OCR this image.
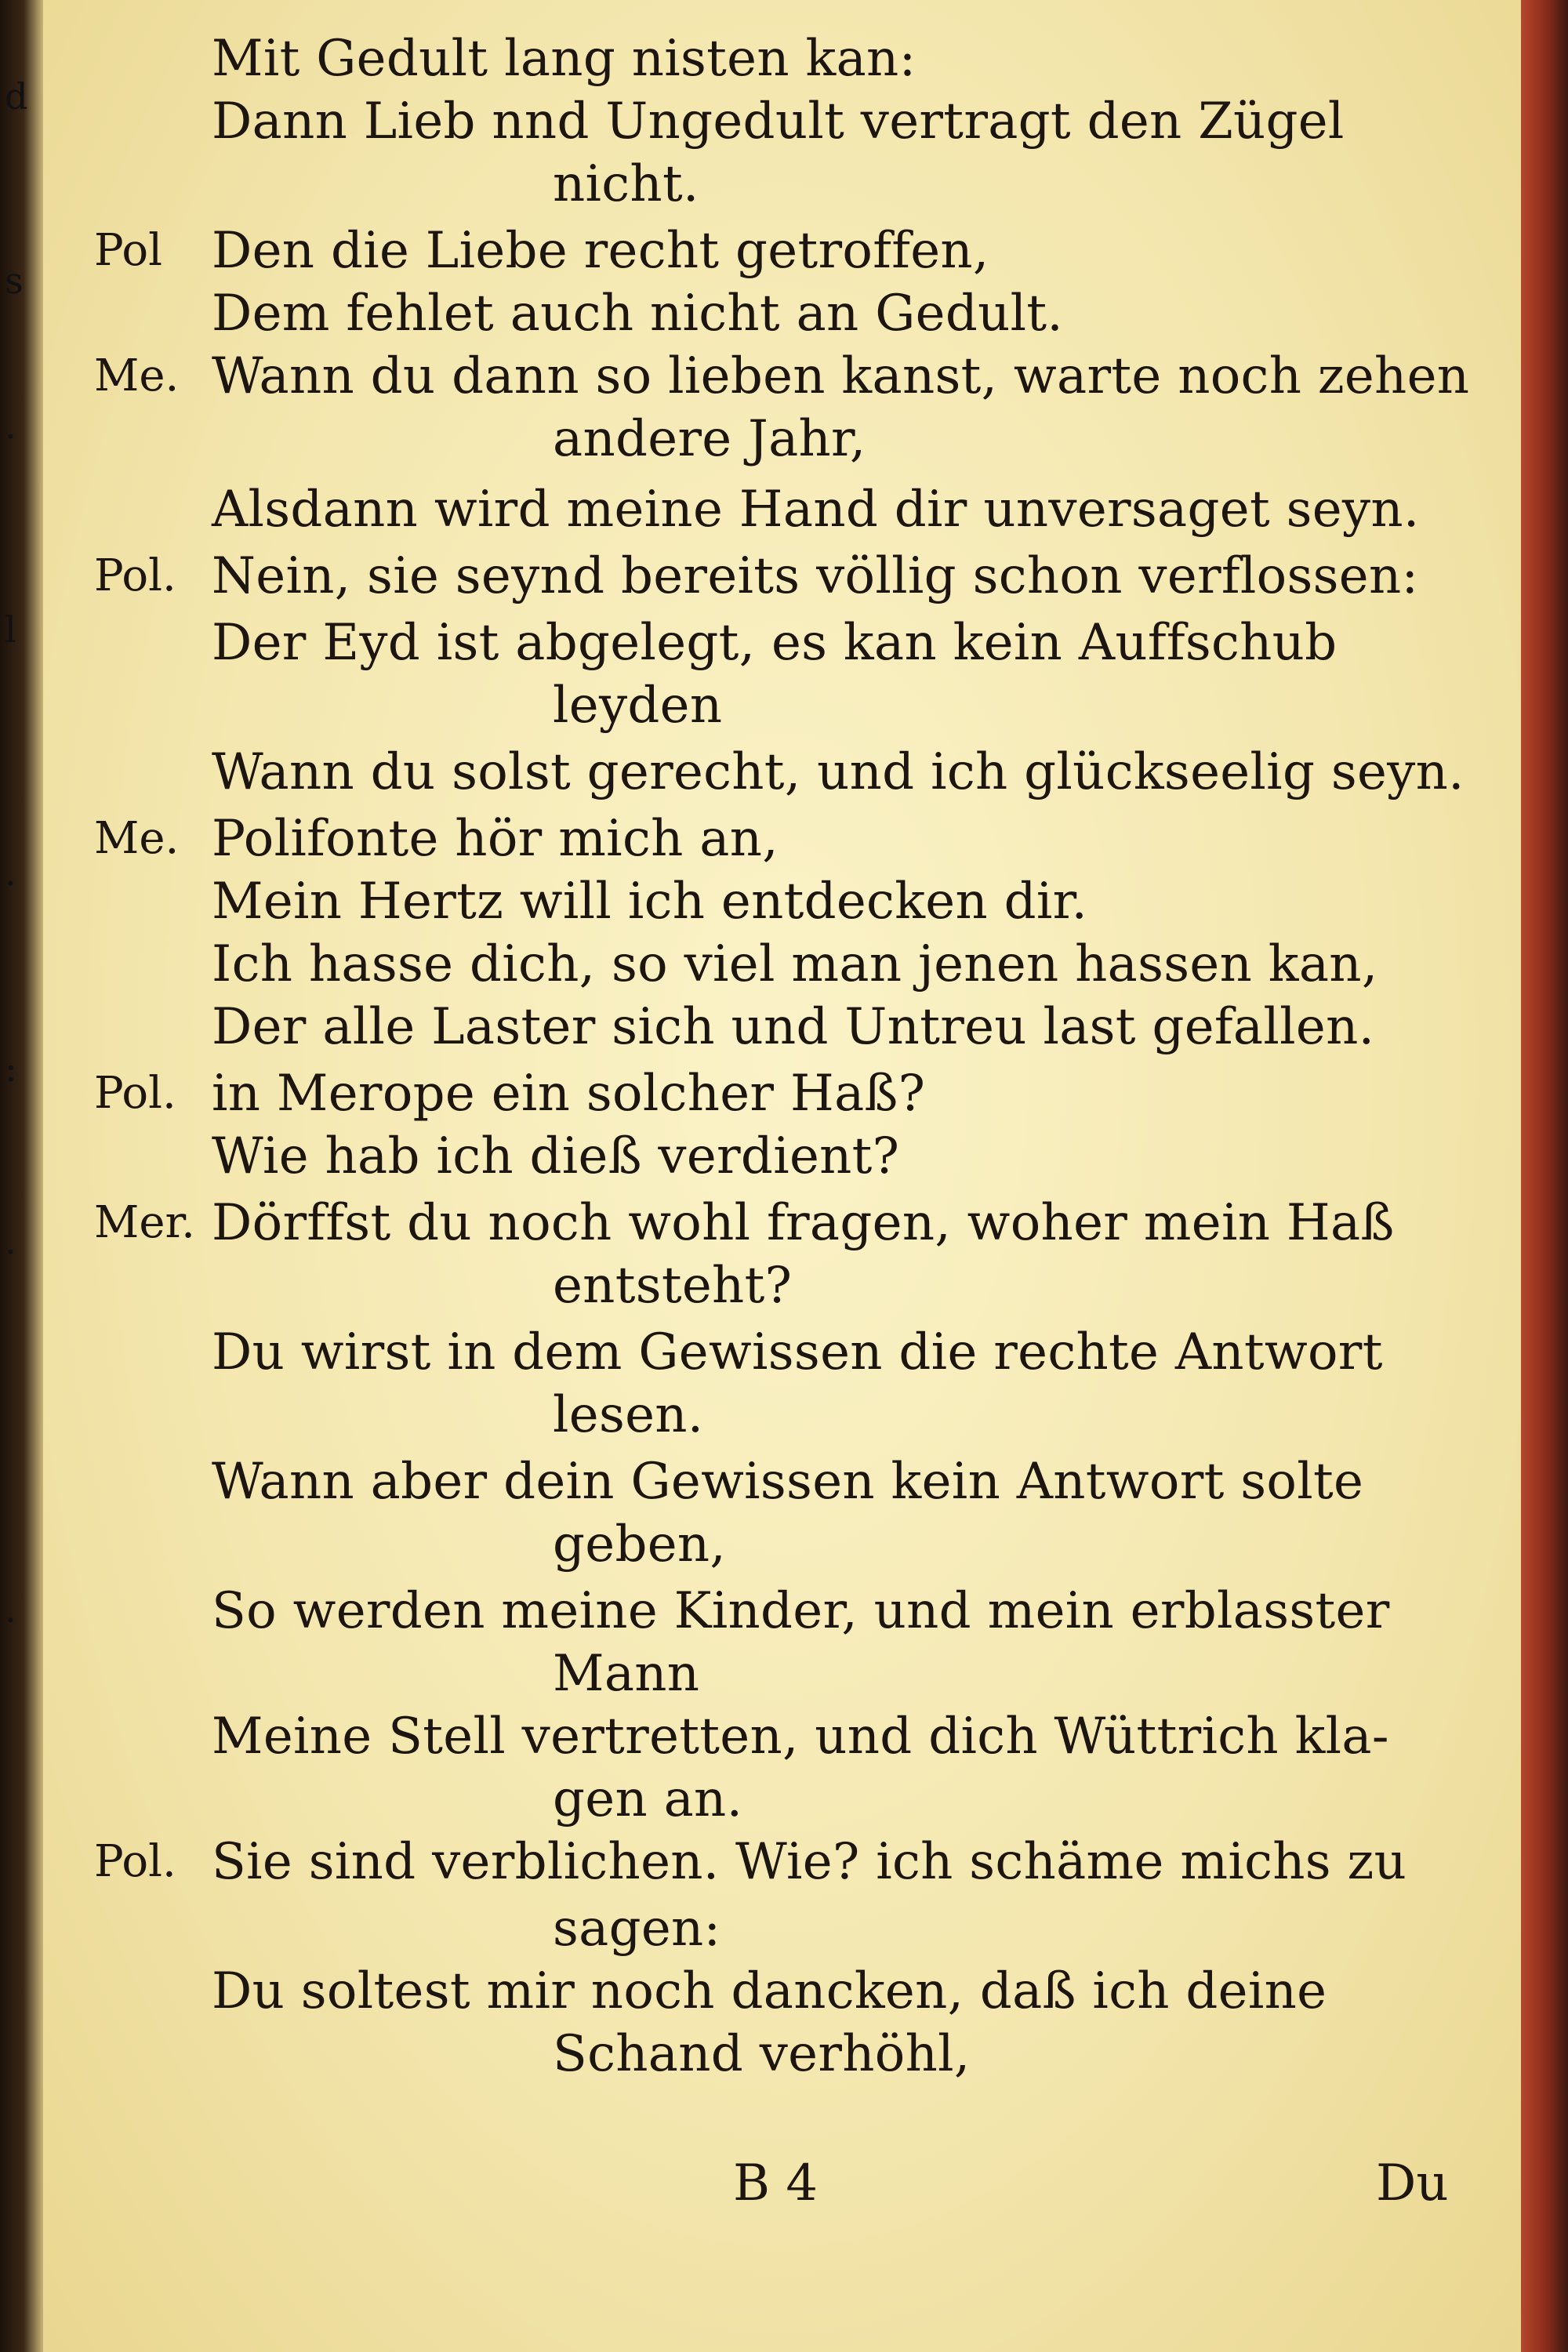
d
s
.
l
.
:
.
.
Pol
Me.
Pol.
Me.
Pol.
Mer.
Pol.
Mit Gedult lang nisten kan:
Dann Lieb nnd Ungedult vertragt den Zügel
nicht.
Den die Liebe recht getroffen,
Dem fehlet auch nicht an Gedult.
Wann du dann so lieben kanst, warte noch zehen
andere Jahr,
Alsdann wird meine Hand dir unversaget seyn.
Nein, sie seynd bereits völlig schon verflossen:
Der Eyd ist abgelegt, es kan kein Auffschub
leyden
Wann du solst gerecht, und ich glückseelig seyn.
Polifonte hör mich an,
Mein Hertz will ich entdecken dir.
Ich hasse dich, so viel man jenen hassen kan,
Der alle Laster sich und Untreu last gefallen.
in Merope ein solcher Haß?
Wie hab ich dieß verdient?
Dörffst du noch wohl fragen, woher mein Haß
entsteht?
Du wirst in dem Gewissen die rechte Antwort
lesen.
Wann aber dein Gewissen kein Antwort solte
geben,
So werden meine Kinder, und mein erblasster
Mann
Meine Stell vertretten, und dich Wüttrich kla-
gen an.
Sie sind verblichen. Wie? ich schäme michs zu
sagen:
Du soltest mir noch dancken, daß ich deine
Schand verhöhl,
B 4	Du
